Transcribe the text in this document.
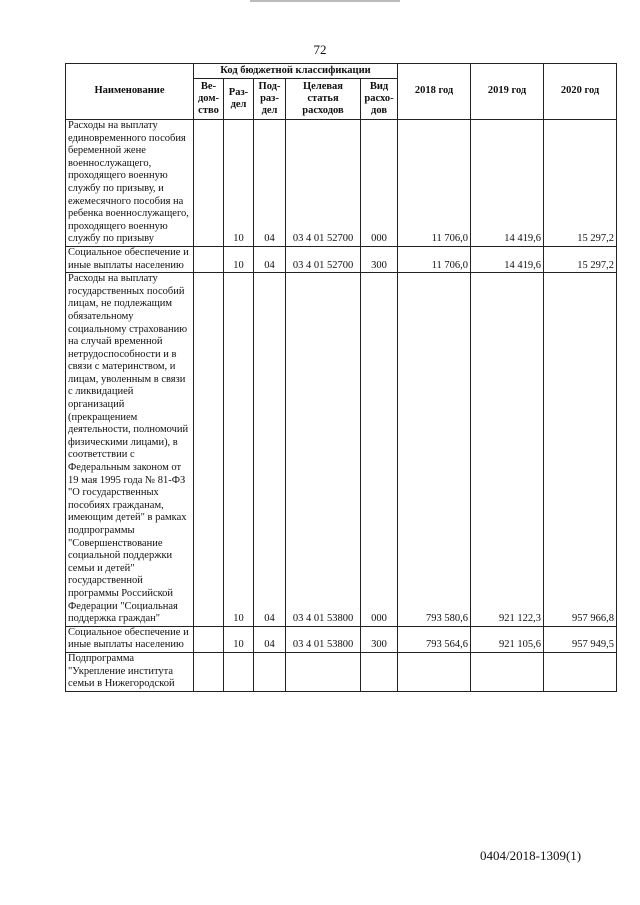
72
Наименование	Код бюджетной классификации					2018 год	2019 год	2020 год
	Ве-
дом-
ство	Раз-
дел	Под-
раз-
дел	Целевая
статья
расходов	Вид
расхо-
дов			
Расходы на выплату единовременного пособия беременной жене военнослужащего, проходящего военную службу по призыву, и ежемесячного пособия на ребенка военнослужащего, проходящего военную службу по призыву		10	04	03 4 01 52700	000	11 706,0	14 419,6	15 297,2
Социальное обеспечение и иные выплаты населению		10	04	03 4 01 52700	300	11 706,0	14 419,6	15 297,2
Расходы на выплату государственных пособий лицам, не подлежащим обязательному социальному страхованию на случай временной нетрудоспособности и в связи с материнством, и лицам, уволенным в связи с ликвидацией организаций (прекращением деятельности, полномочий физическими лицами), в соответствии с Федеральным законом от 19 мая 1995 года № 81-ФЗ "О государственных пособиях гражданам, имеющим детей" в рамках подпрограммы "Совершенствование социальной поддержки семьи и детей" государственной программы Российской Федерации "Социальная поддержка граждан"		10	04	03 4 01 53800	000	793 580,6	921 122,3	957 966,8
Социальное обеспечение и иные выплаты населению		10	04	03 4 01 53800	300	793 564,6	921 105,6	957 949,5
Подпрограмма "Укрепление института семьи в Нижегородской								
0404/2018-1309(1)
